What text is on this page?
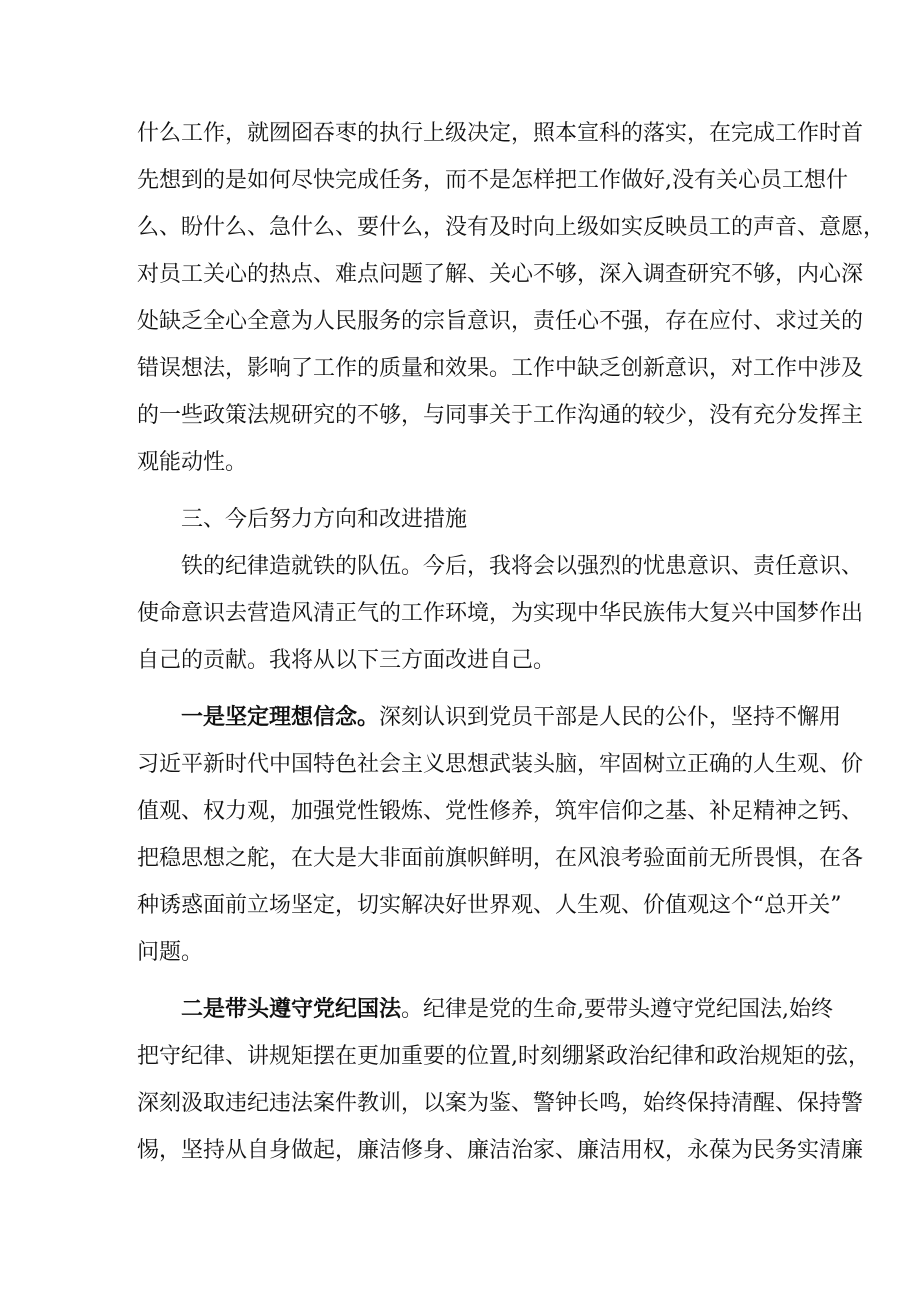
什么工作，就囫囵吞枣的执行上级决定，照本宣科的落实，在完成工作时首
先想到的是如何尽快完成任务，而不是怎样把工作做好,没有关心员工想什
么、盼什么、急什么、要什么，没有及时向上级如实反映员工的声音、意愿，
对员工关心的热点、难点问题了解、关心不够，深入调查研究不够，内心深
处缺乏全心全意为人民服务的宗旨意识，责任心不强，存在应付、求过关的
错误想法，影响了工作的质量和效果。工作中缺乏创新意识，对工作中涉及
的一些政策法规研究的不够，与同事关于工作沟通的较少，没有充分发挥主
观能动性。
三、今后努力方向和改进措施
铁的纪律造就铁的队伍。今后，我将会以强烈的忧患意识、责任意识、
使命意识去营造风清正气的工作环境，为实现中华民族伟大复兴中国梦作出
自己的贡献。我将从以下三方面改进自己。
一是坚定理想信念。深刻认识到党员干部是人民的公仆，坚持不懈用
习近平新时代中国特色社会主义思想武装头脑，牢固树立正确的人生观、价
值观、权力观，加强党性锻炼、党性修养，筑牢信仰之基、补足精神之钙、
把稳思想之舵，在大是大非面前旗帜鲜明，在风浪考验面前无所畏惧，在各
种诱惑面前立场坚定，切实解决好世界观、人生观、价值观这个“总开关”
问题。
二是带头遵守党纪国法。纪律是党的生命,要带头遵守党纪国法,始终
把守纪律、讲规矩摆在更加重要的位置,时刻绷紧政治纪律和政治规矩的弦，
深刻汲取违纪违法案件教训，以案为鉴、警钟长鸣，始终保持清醒、保持警
惕，坚持从自身做起，廉洁修身、廉洁治家、廉洁用权，永葆为民务实清廉
